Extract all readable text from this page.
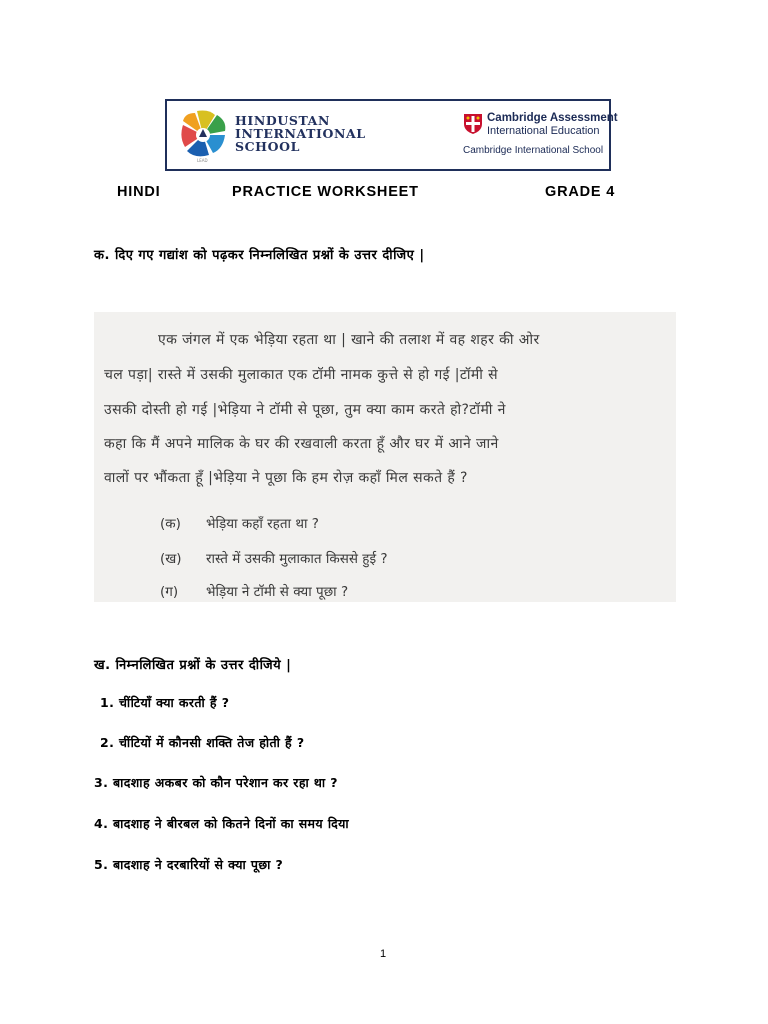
LEAD
HINDUSTAN
INTERNATIONAL
SCHOOL
Cambridge Assessment
International Education
Cambridge International School
HINDI	PRACTICE WORKSHEET	GRADE 4
क. दिए गए गद्यांश को पढ़कर निम्नलिखित प्रश्नों के उत्तर दीजिए |
एक जंगल में एक भेड़िया रहता था | खाने की तलाश में वह शहर की ओर
चल पड़ा| रास्ते में उसकी मुलाकात एक टॉमी नामक कुत्ते से हो गई |टॉमी से
उसकी दोस्ती हो गई |भेड़िया ने टॉमी से पूछा, तुम क्या काम करते हो?टॉमी ने
कहा कि मैं अपने मालिक के घर की रखवाली करता हूँ और घर में आने जाने
वालों पर भौंकता हूँ |भेड़िया ने पूछा कि हम रोज़ कहाँ मिल सकते हैं ?
(क) भेड़िया कहाँ रहता था ?
(ख) रास्ते में उसकी मुलाकात किससे हुई ?
(ग) भेड़िया ने टॉमी से क्या पूछा ?
ख. निम्नलिखित प्रश्नों के उत्तर दीजिये |
1. चींटियाँ क्या करती हैं ?
2. चींटियों में कौनसी शक्ति तेज होती हैं ?
3. बादशाह अकबर को कौन परेशान कर रहा था ?
4. बादशाह ने बीरबल को कितने दिनों का समय दिया
5. बादशाह ने दरबारियों से क्या पूछा ?
1
